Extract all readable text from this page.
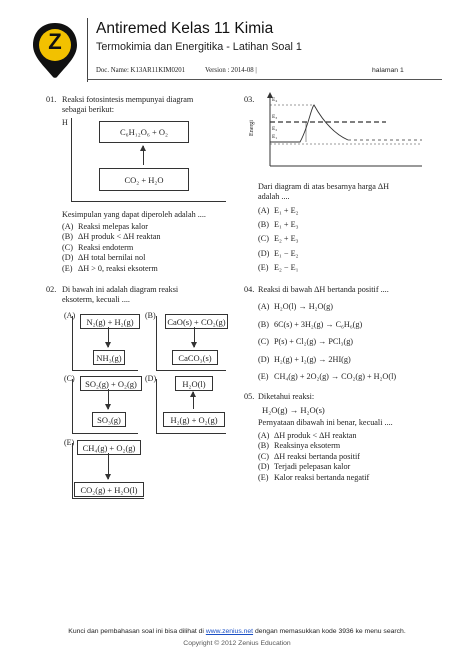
Z
Antiremed Kelas 11 Kimia
Termokimia dan Energitika - Latihan Soal 1
Doc. Name: K13AR11KIM0201	Version : 2014-08 |	halaman 1
01. Reaksi fotosintesis mempunyai diagram
sebagai berikut:
H
C₆H₁₂O₆ + O₂
CO₂ + H₂O
Kesimpulan yang dapat diperoleh adalah ....
(A) Reaksi melepas kalor
(B) ΔH produk < ΔH reaktan
(C) Reaksi endoterm
(D) ΔH total bernilai nol
(E) ΔH > 0, reaksi eksoterm
02. Di bawah ini adalah diagram reaksi
eksoterm, kecuali ....
(A)
N₂(g) + H₂(g)
NH₃(g)
(B)
CaO(s) + CO₂(g)
CaCO₃(s)
(C)	SO₂(g) + O₂(g)
SO₃(g)
(D)	H₂O(l)
H₂(g) + O₂(g)
(E) CH₄(g) + O₂(g)
CO₂(g) + H₂O(l)
03.	E₄
E₃
E₂
E₁
Energi
Dari diagram di atas besarnya harga ΔH
adalah ....
(A) E₁ + E₂
(B) E₁ + E₃
(C) E₂ + E₃
(D) E₁ − E₂
(E) E₂ − E₁
04. Reaksi di bawah ΔH bertanda positif ....
(A) H₂O(l) → H₂O(g)
(B) 6C(s) + 3H₂(g) → C₆H₆(g)
(C) P(s) + Cl₂(g) → PCl₃(g)
(D) H₂(g) + I₂(g) → 2HI(g)
(E) CH₄(g) + 2O₂(g) → CO₂(g) + H₂O(l)
05. Diketahui reaksi:
H₂O(g) → H₂O(s)
Pernyataan dibawah ini benar, kecuali ....
(A) ΔH produk < ΔH reaktan
(B) Reaksinya eksoterm
(C) ΔH reaksi bertanda positif
(D) Terjadi pelepasan kalor
(E) Kalor reaksi bertanda negatif
Kunci dan pembahasan soal ini bisa dilihat di www.zenius.net dengan memasukkan kode 3936 ke menu search.
Copyright © 2012 Zenius Education
